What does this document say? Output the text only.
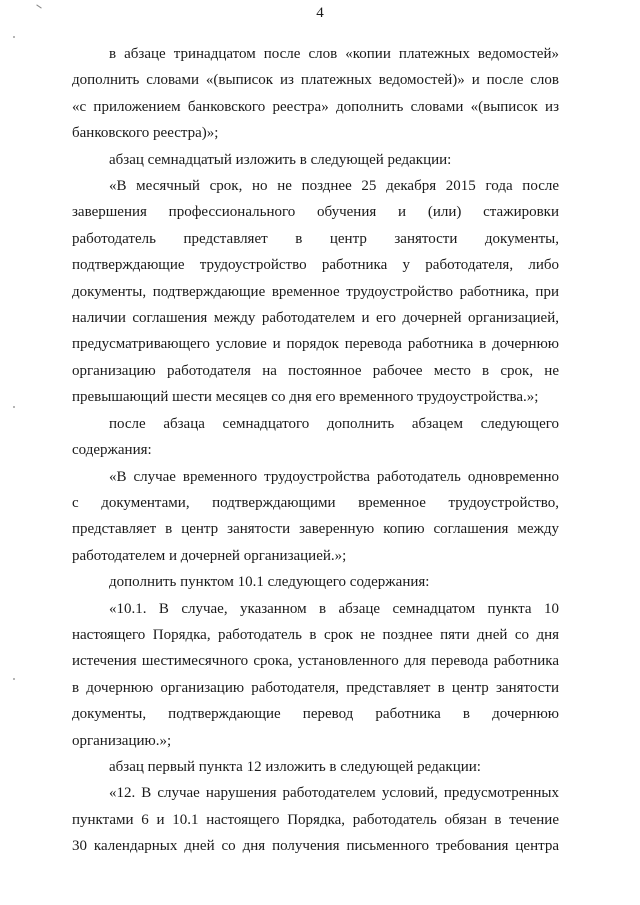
4
в абзаце тринадцатом после слов «копии платежных ведомостей»
дополнить словами «(выписок из платежных ведомостей)» и после слов
«с приложением банковского реестра» дополнить словами «(выписок из
банковского реестра)»;
абзац семнадцатый изложить в следующей редакции:
«В месячный срок, но не позднее 25 декабря 2015 года после
завершения профессионального обучения и (или) стажировки
работодатель представляет в центр занятости документы,
подтверждающие трудоустройство работника у работодателя, либо
документы, подтверждающие временное трудоустройство работника, при
наличии соглашения между работодателем и его дочерней организацией,
предусматривающего условие и порядок перевода работника в дочернюю
организацию работодателя на постоянное рабочее место в срок, не
превышающий шести месяцев со дня его временного трудоустройства.»;
после абзаца семнадцатого дополнить абзацем следующего
содержания:
«В случае временного трудоустройства работодатель одновременно
с документами, подтверждающими временное трудоустройство,
представляет в центр занятости заверенную копию соглашения между
работодателем и дочерней организацией.»;
дополнить пунктом 10.1 следующего содержания:
«10.1. В случае, указанном в абзаце семнадцатом пункта 10
настоящего Порядка, работодатель в срок не позднее пяти дней со дня
истечения шестимесячного срока, установленного для перевода работника
в дочернюю организацию работодателя, представляет в центр занятости
документы, подтверждающие перевод работника в дочернюю
организацию.»;
абзац первый пункта 12 изложить в следующей редакции:
«12. В случае нарушения работодателем условий, предусмотренных
пунктами 6 и 10.1 настоящего Порядка, работодатель обязан в течение
30 календарных дней со дня получения письменного требования центра
